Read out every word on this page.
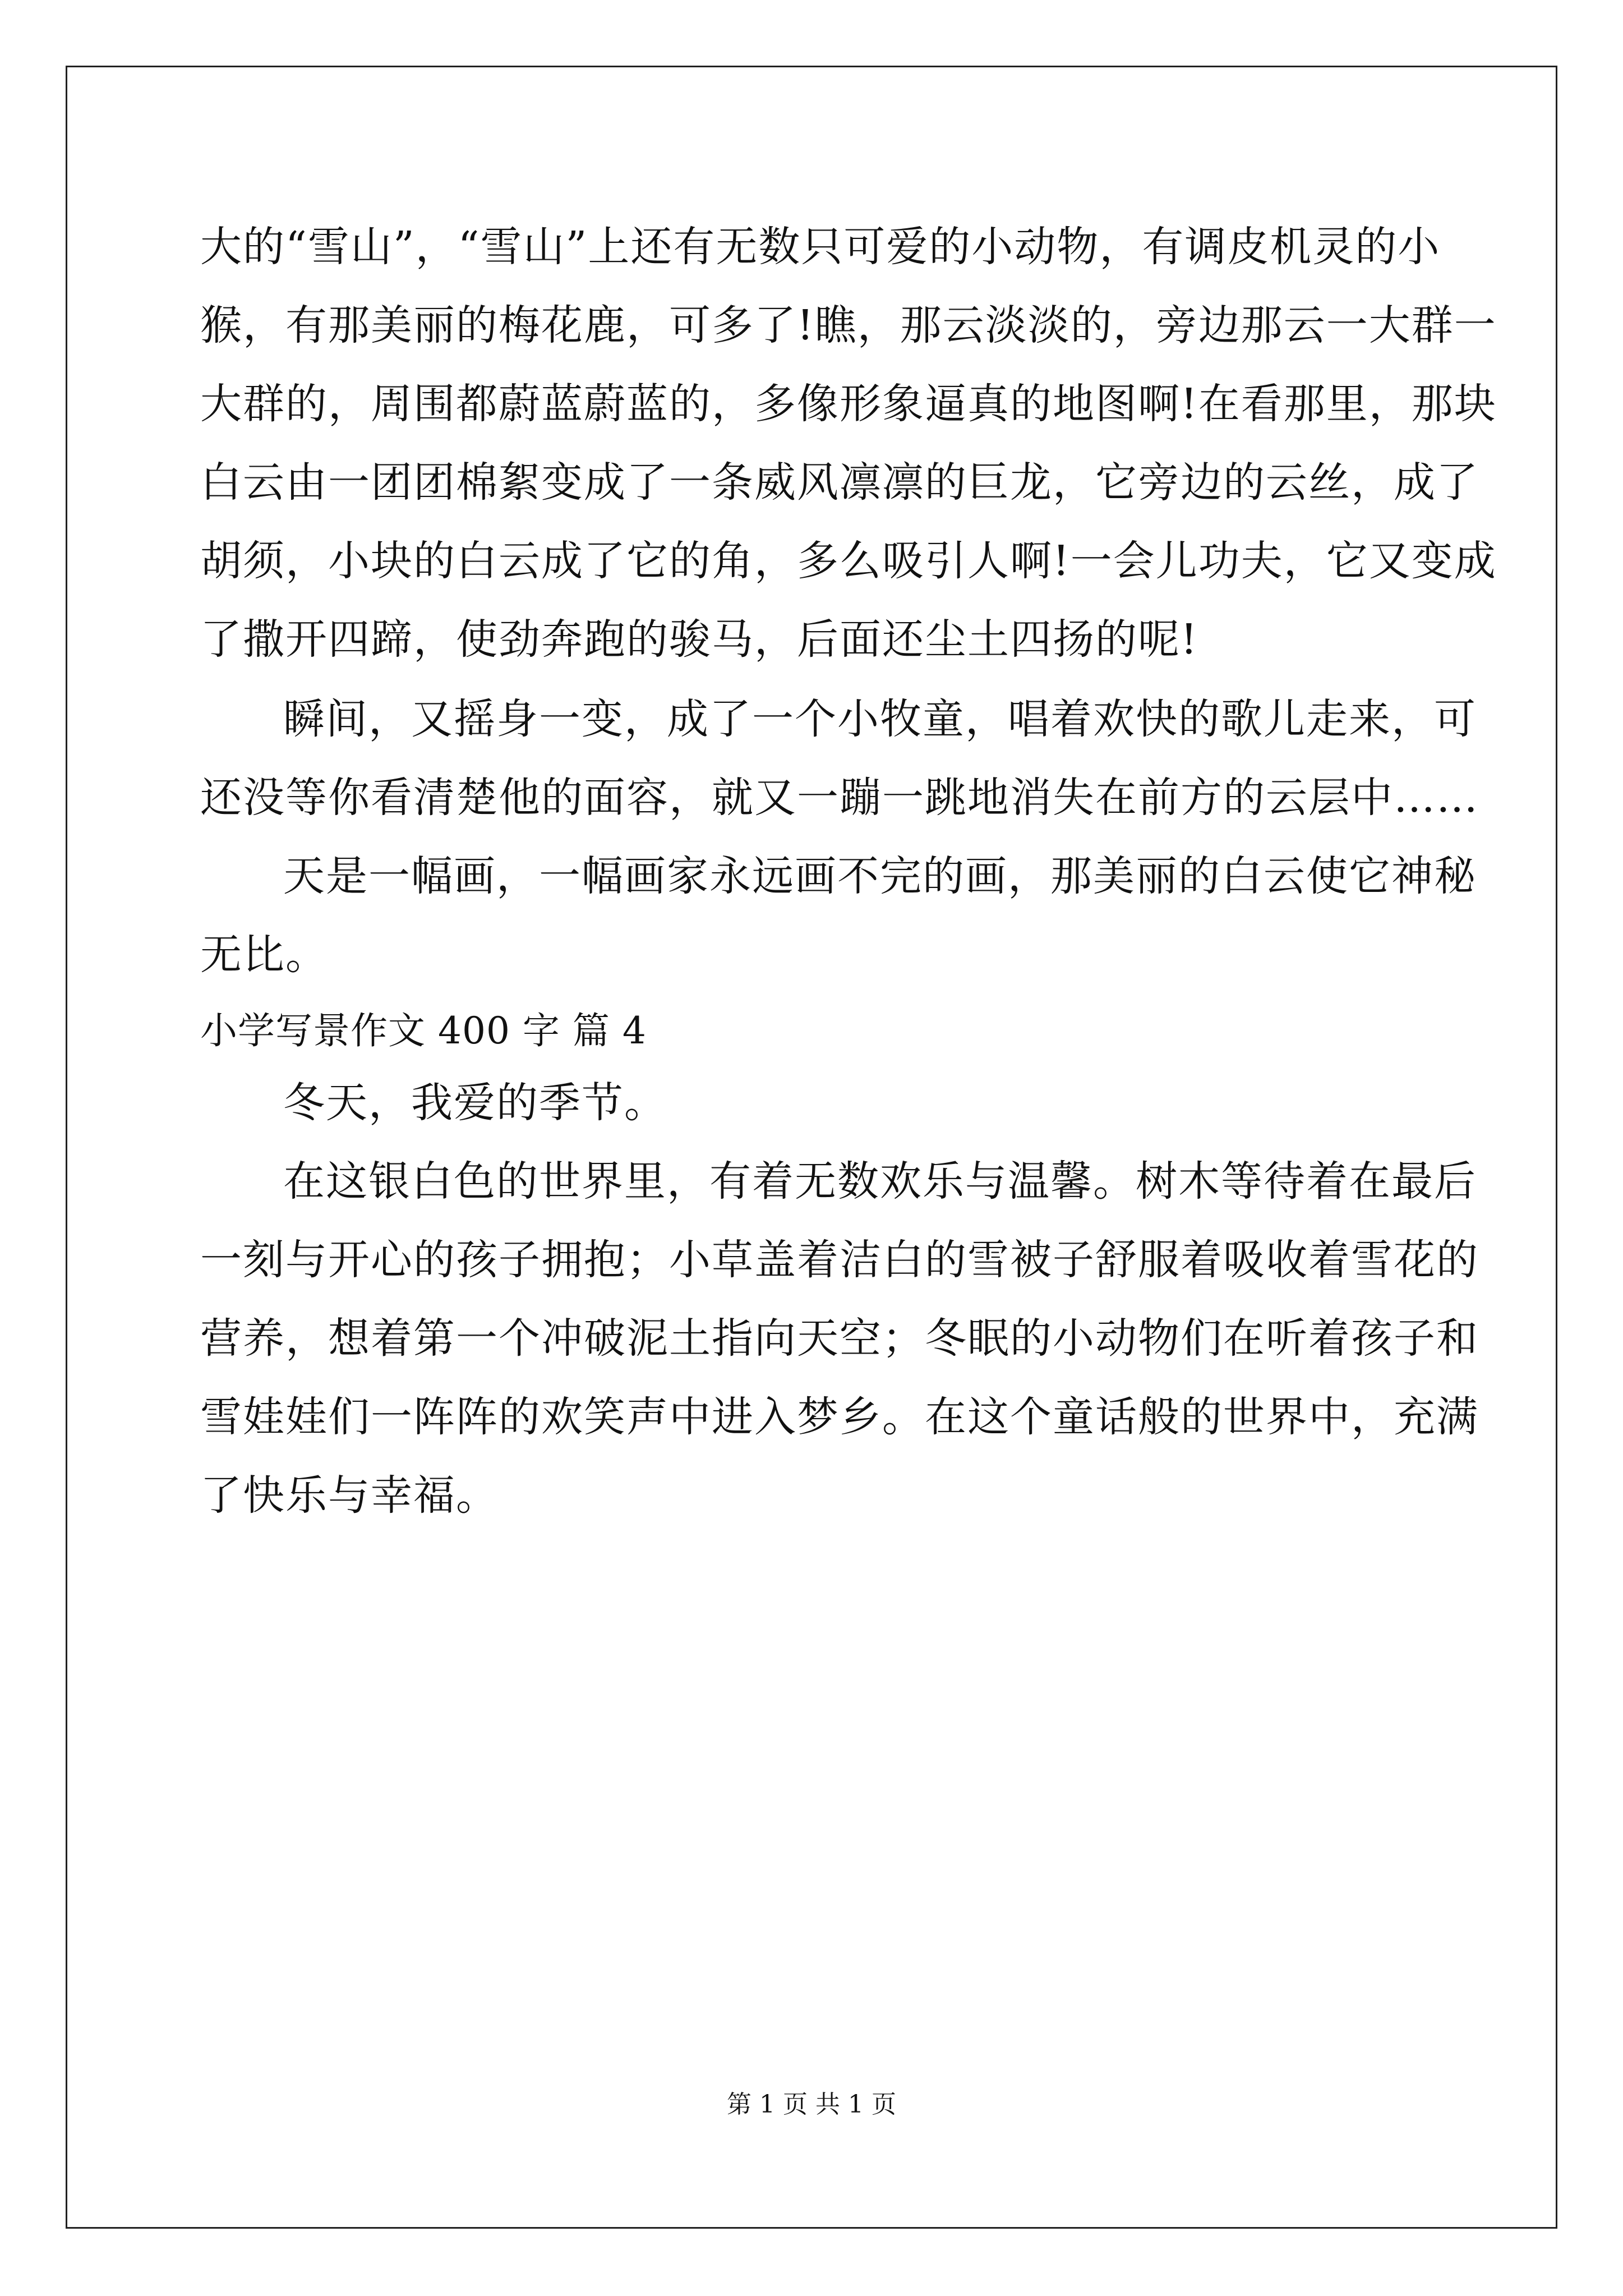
大的“雪山”，“雪山”上还有无数只可爱的小动物，有调皮机灵的小
猴，有那美丽的梅花鹿，可多了!瞧，那云淡淡的，旁边那云一大群一
大群的，周围都蔚蓝蔚蓝的，多像形象逼真的地图啊!在看那里，那块
白云由一团团棉絮变成了一条威风凛凛的巨龙，它旁边的云丝，成了
胡须，小块的白云成了它的角，多么吸引人啊!一会儿功夫，它又变成
了撒开四蹄，使劲奔跑的骏马，后面还尘土四扬的呢!
瞬间，又摇身一变，成了一个小牧童，唱着欢快的歌儿走来，可
还没等你看清楚他的面容，就又一蹦一跳地消失在前方的云层中……
天是一幅画，一幅画家永远画不完的画，那美丽的白云使它神秘
无比。
小学写景作文 400 字 篇 4
冬天，我爱的季节。
在这银白色的世界里，有着无数欢乐与温馨。树木等待着在最后
一刻与开心的孩子拥抱；小草盖着洁白的雪被子舒服着吸收着雪花的
营养，想着第一个冲破泥土指向天空；冬眠的小动物们在听着孩子和
雪娃娃们一阵阵的欢笑声中进入梦乡。在这个童话般的世界中，充满
了快乐与幸福。
第 1 页 共 1 页
